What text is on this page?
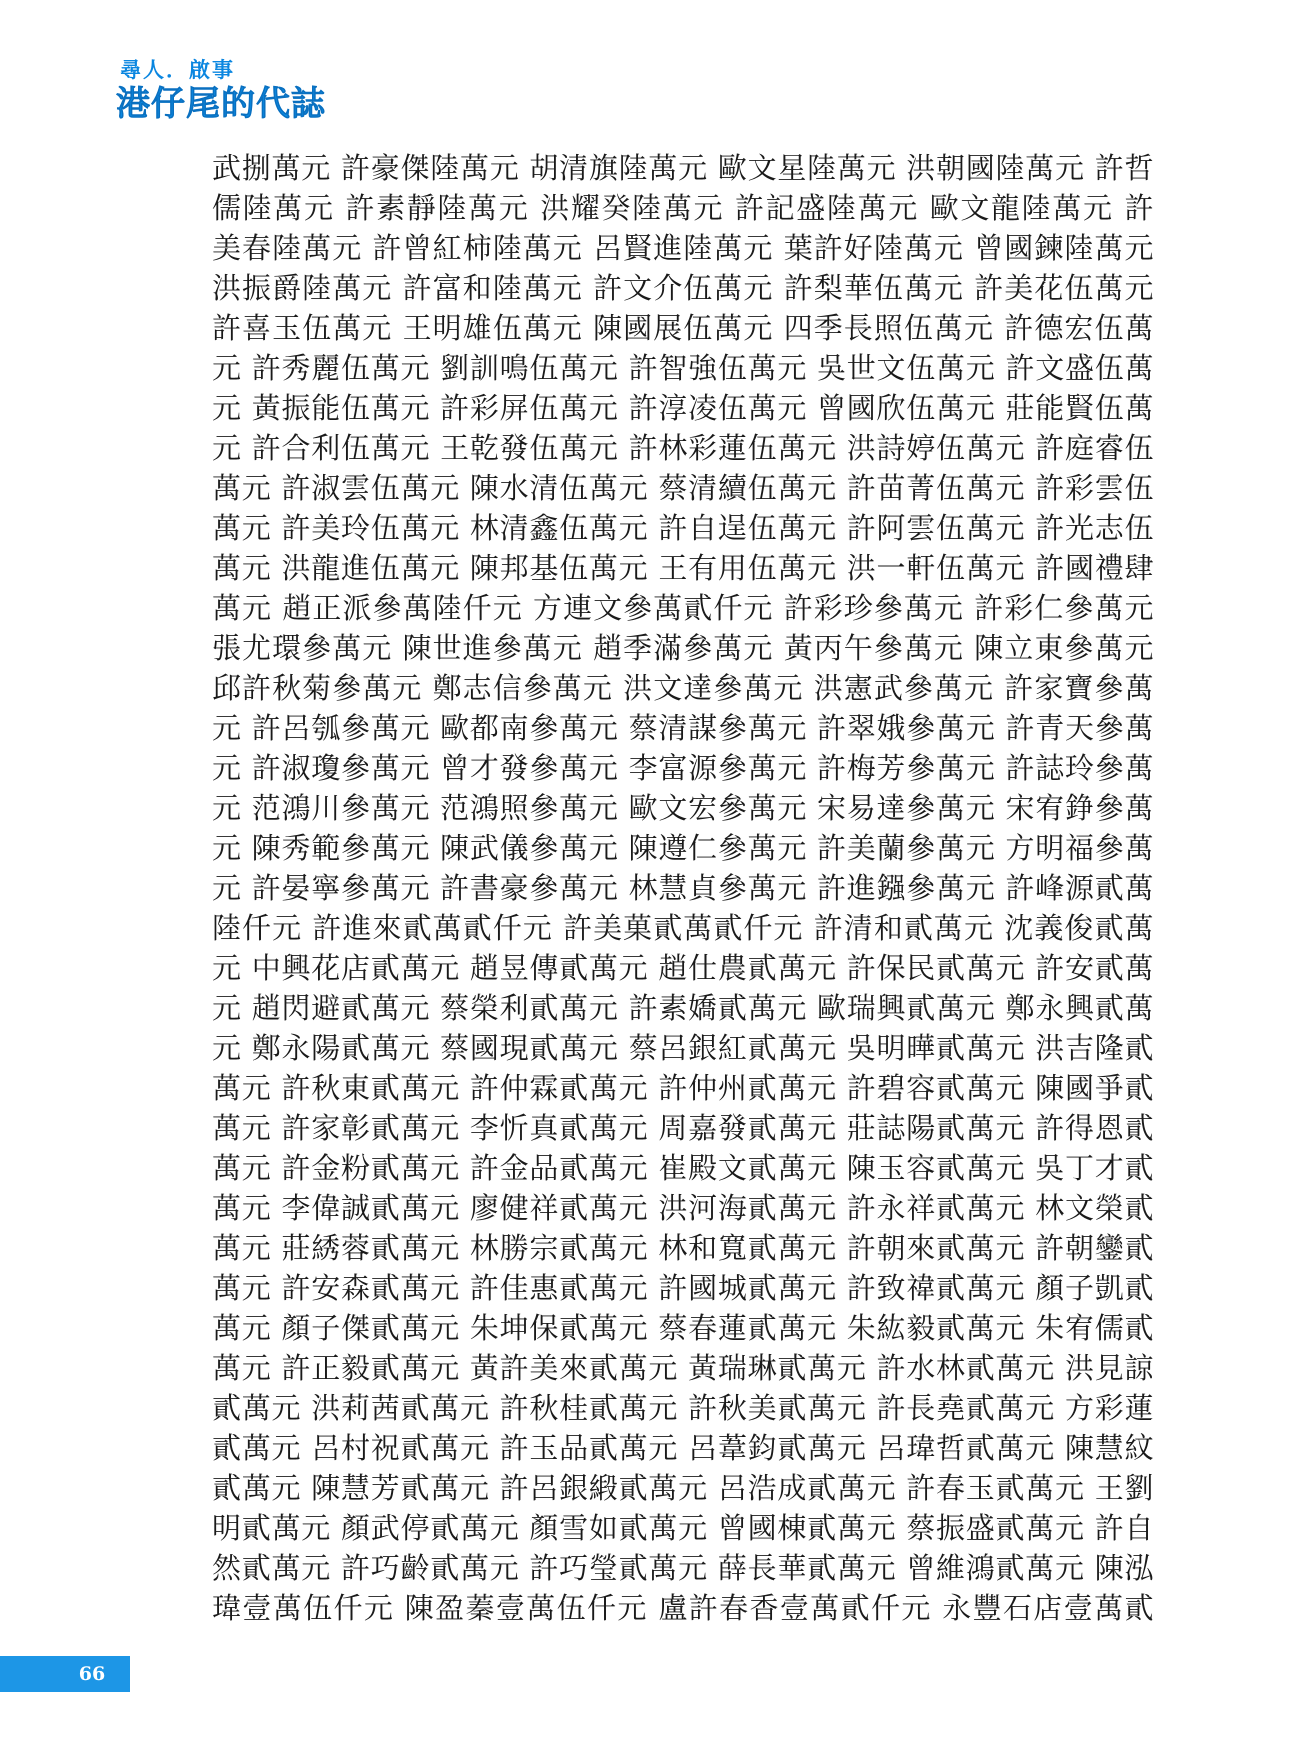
尋人．啟事
港仔尾的代誌
武捌萬元 許豪傑陸萬元 胡清旗陸萬元 歐文星陸萬元 洪朝國陸萬元 許哲
儒陸萬元 許素靜陸萬元 洪耀癸陸萬元 許記盛陸萬元 歐文龍陸萬元 許
美春陸萬元 許曾紅柿陸萬元 呂賢進陸萬元 葉許好陸萬元 曾國鍊陸萬元
洪振爵陸萬元 許富和陸萬元 許文介伍萬元 許梨華伍萬元 許美花伍萬元
許喜玉伍萬元 王明雄伍萬元 陳國展伍萬元 四季長照伍萬元 許德宏伍萬
元 許秀麗伍萬元 劉訓鳴伍萬元 許智強伍萬元 吳世文伍萬元 許文盛伍萬
元 黃振能伍萬元 許彩屏伍萬元 許淳凌伍萬元 曾國欣伍萬元 莊能賢伍萬
元 許合利伍萬元 王乾發伍萬元 許林彩蓮伍萬元 洪詩婷伍萬元 許庭睿伍
萬元 許淑雲伍萬元 陳水清伍萬元 蔡清續伍萬元 許苗菁伍萬元 許彩雲伍
萬元 許美玲伍萬元 林清鑫伍萬元 許自逞伍萬元 許阿雲伍萬元 許光志伍
萬元 洪龍進伍萬元 陳邦基伍萬元 王有用伍萬元 洪一軒伍萬元 許國禮肆
萬元 趙正派參萬陸仟元 方連文參萬貳仟元 許彩珍參萬元 許彩仁參萬元
張尤環參萬元 陳世進參萬元 趙季滿參萬元 黃丙午參萬元 陳立東參萬元
邱許秋菊參萬元 鄭志信參萬元 洪文達參萬元 洪憲武參萬元 許家寶參萬
元 許呂瓠參萬元 歐都南參萬元 蔡清謀參萬元 許翠娥參萬元 許青天參萬
元 許淑瓊參萬元 曾才發參萬元 李富源參萬元 許梅芳參萬元 許誌玲參萬
元 范鴻川參萬元 范鴻照參萬元 歐文宏參萬元 宋易達參萬元 宋宥錚參萬
元 陳秀範參萬元 陳武儀參萬元 陳遵仁參萬元 許美蘭參萬元 方明福參萬
元 許晏寧參萬元 許書豪參萬元 林慧貞參萬元 許進鏹參萬元 許峰源貳萬
陸仟元 許進來貳萬貳仟元 許美菓貳萬貳仟元 許清和貳萬元 沈義俊貳萬
元 中興花店貳萬元 趙昱傳貳萬元 趙仕農貳萬元 許保民貳萬元 許安貳萬
元 趙閃避貳萬元 蔡榮利貳萬元 許素嬌貳萬元 歐瑞興貳萬元 鄭永興貳萬
元 鄭永陽貳萬元 蔡國現貳萬元 蔡呂銀紅貳萬元 吳明曄貳萬元 洪吉隆貳
萬元 許秋東貳萬元 許仲霖貳萬元 許仲州貳萬元 許碧容貳萬元 陳國爭貳
萬元 許家彰貳萬元 李忻真貳萬元 周嘉發貳萬元 莊誌陽貳萬元 許得恩貳
萬元 許金粉貳萬元 許金品貳萬元 崔殿文貳萬元 陳玉容貳萬元 吳丁才貳
萬元 李偉誠貳萬元 廖健祥貳萬元 洪河海貳萬元 許永祥貳萬元 林文榮貳
萬元 莊綉蓉貳萬元 林勝宗貳萬元 林和寬貳萬元 許朝來貳萬元 許朝鑾貳
萬元 許安森貳萬元 許佳惠貳萬元 許國城貳萬元 許致禕貳萬元 顏子凱貳
萬元 顏子傑貳萬元 朱坤保貳萬元 蔡春蓮貳萬元 朱紘毅貳萬元 朱宥儒貳
萬元 許正毅貳萬元 黃許美來貳萬元 黃瑞琳貳萬元 許水林貳萬元 洪見諒
貳萬元 洪莉茜貳萬元 許秋桂貳萬元 許秋美貳萬元 許長堯貳萬元 方彩蓮
貳萬元 呂村祝貳萬元 許玉品貳萬元 呂葦鈞貳萬元 呂瑋哲貳萬元 陳慧紋
貳萬元 陳慧芳貳萬元 許呂銀緞貳萬元 呂浩成貳萬元 許春玉貳萬元 王劉
明貳萬元 顏武停貳萬元 顏雪如貳萬元 曾國棟貳萬元 蔡振盛貳萬元 許自
然貳萬元 許巧齡貳萬元 許巧瑩貳萬元 薛長華貳萬元 曾維鴻貳萬元 陳泓
瑋壹萬伍仟元 陳盈蓁壹萬伍仟元 盧許春香壹萬貳仟元 永豐石店壹萬貳
66
